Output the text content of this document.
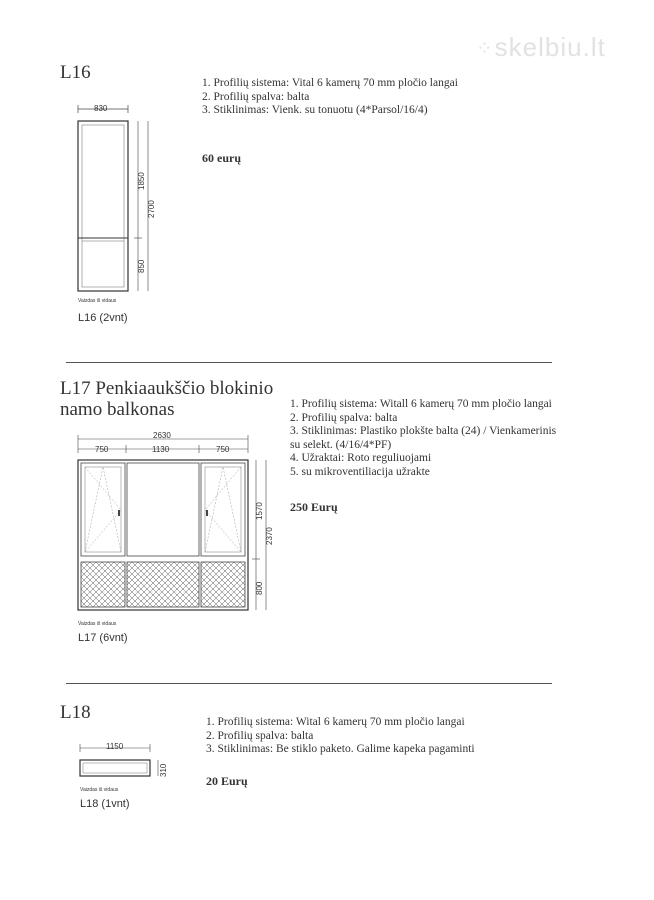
⁘ skelbiu.lt
L16	1. Profilių sistema: Vital 6 kamerų 70 mm pločio langai
2. Profilių spalva: balta
3. Stiklinimas: Vienk. su tonuotu (4*Parsol/16/4)
60 eurų
830
1850
850
2700
Vaizdas iš vidaus
L16 (2vnt)
L17 Penkiaaukščio blokinio
namo balkonas	1. Profilių sistema: Witall 6 kamerų 70 mm pločio langai
2. Profilių spalva: balta
3. Stiklinimas: Plastiko plokšte balta (24) / Vienkamerinis
su selekt. (4/16/4*PF)
4. Užraktai: Roto reguliuojami
5. su mikroventiliacija užrakte
250 Eurų
2630
750	1130	750
1570
800
2370
Vaizdas iš vidaus
L17 (6vnt)
L18	1. Profilių sistema: Wital 6 kamerų 70 mm pločio langai
2. Profilių spalva: balta
3. Stiklinimas: Be stiklo paketo. Galime kapeka pagaminti
20 Eurų
1150
310
Vaizdas iš vidaus
L18 (1vnt)
